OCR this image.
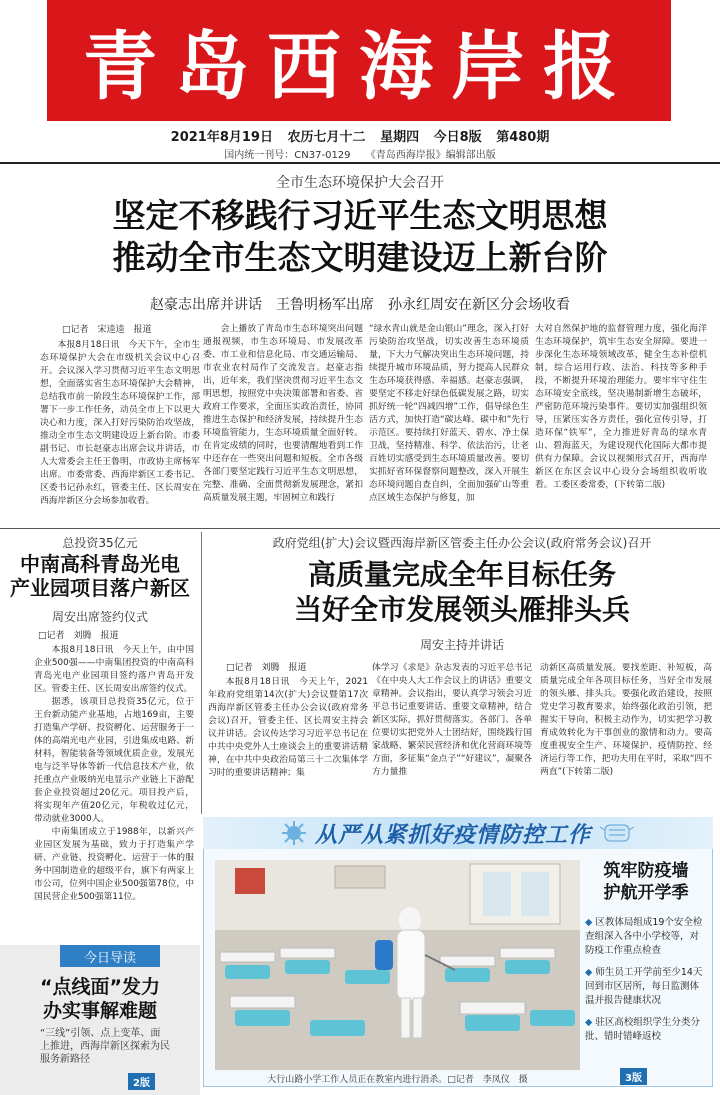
青岛西海岸报
2021年8月19日 农历七月十二 星期四 今日8版 第480期
国内统一刊号：CN37-0129 《青岛西海岸报》编辑部出版
全市生态环境保护大会召开
坚定不移践行习近平生态文明思想
推动全市生态文明建设迈上新台阶
赵豪志出席并讲话　王鲁明杨军出席　孙永红周安在新区分会场收看
□记者　宋逵逵　报道

本报8月18日讯　今天下午，全市生态环境保护大会在市级机关会议中心召开。会议深入学习贯彻习近平生态文明思想，全面落实省生态环境保护大会精神，总结我市前一阶段生态环境保护工作，部署下一步工作任务，动员全市上下以更大决心和力度，深入打好污染防治攻坚战，推动全市生态文明建设迈上新台阶。市委副书记、市长赵豪志出席会议并讲话，市人大常委会主任王鲁明，市政协主席杨军出席。市委常委、西海岸新区工委书记、区委书记孙永红，管委主任、区长周安在西海岸新区分会场参加收看。

会上播放了青岛市生态环境突出问题通报视频，市生态环境局、市发展改革委、市工业和信息化局、市交通运输局、市农业农村局作了交流发言。赵豪志指出，近年来，我们坚决贯彻习近平生态文明思想，按照党中央决策部署和省委、省政府工作要求，全面压实政治责任，协同推进生态保护和经济发展，持续提升生态环境监管能力，生态环境质量全面好转。在肯定成绩的同时，也要清醒地看到工作中还存在一些突出问题和短板。全市各级各部门要坚定践行习近平生态文明思想，完整、准确、全面贯彻新发展理念，紧扣高质量发展主题，牢固树立和践行

“绿水青山就是金山银山”理念，深入打好污染防治攻坚战，切实改善生态环境质量，下大力气解决突出生态环境问题，持续提升城市环境品质，努力提高人民群众生态环境获得感、幸福感。赵豪志强调，要坚定不移走好绿色低碳发展之路，切实抓好统一轮“四减四增”工作，倡导绿色生活方式，加快打造“碳达峰、碳中和”先行示范区。要持续打好蓝天、碧水、净土保卫战，坚持精准、科学、依法治污，让老百姓切实感受到生态环境质量改善。要切实抓好省环保督察问题整改，深入开展生态环境问题自查自纠，全面加强矿山等重点区域生态保护与修复，加

大对自然保护地的监督管理力度，强化海洋生态环境保护，筑牢生态安全屏障。要进一步深化生态环境领域改革，健全生态补偿机制，综合运用行政、法治、科技等多种手段，不断提升环境治理能力。要牢牢守住生态环境安全底线，坚决遏制新增生态破坏，严密防范环境污染事件。要切实加强组织领导，压紧压实各方责任，强化宣传引导，打造环保“铁军”，全力推进好青岛的绿水青山、碧海蓝天，为建设现代化国际大都市提供有力保障。会议以视频形式召开，西海岸新区在东区会议中心设分会场组织收听收看。工委区委常委，(下转第二版)

总投资35亿元
中南高科青岛光电
产业园项目落户新区
周安出席签约仪式
□记者　刘腾　报道

本报8月18日讯　今天上午，由中国企业500强——中南集团投资的中南高科青岛光电产业园项目签约落户青岛开发区。管委主任、区长周安出席签约仪式。

据悉，该项目总投资35亿元，位于王台新动能产业基地，占地169亩，主要打造集产学研、投资孵化、运营服务于一体的高端光电产业园，引进集成电路、新材料，智能装备等领域优质企业，发展光电与泛半导体等新一代信息技术产业，依托重点产业吸纳光电显示产业链上下游配套企业投资超过20亿元。项目投产后，将实现年产值20亿元，年税收过亿元，带动就业3000人。

中南集团成立于1988年，以新兴产业园区发展为基础，致力于打造集产学研、产业链、投资孵化、运营于一体的服务中国制造业的超级平台，旗下有两家上市公司，位列中国企业500强第78位，中国民营企业500强第11位。

政府党组(扩大)会议暨西海岸新区管委主任办公会议(政府常务会议)召开
高质量完成全年目标任务
当好全市发展领头雁排头兵
周安主持并讲话
□记者　刘腾　报道

本报8月18日讯　今天上午，2021年政府党组第14次(扩大)会议暨第17次西海岸新区管委主任办公会议(政府常务会议)召开，管委主任、区长周安主持会议并讲话。会议传达学习习近平总书记在中共中央党外人士座谈会上的重要讲话精神，在中共中央政治局第三十二次集体学习时的重要讲话精神；集

体学习《求是》杂志发表的习近平总书记《在中央人大工作会议上的讲话》重要文章精神。会议指出，要认真学习领会习近平总书记重要讲话、重要文章精神，结合新区实际，抓好贯彻落实。各部门、各单位要切实把党外人士团结好，围绕践行国家战略、繁荣民营经济和优化营商环境等方面，多征集“金点子”“好建议”，凝聚各方力量推

动新区高质量发展。要找差距、补短板，高质量完成全年各项目标任务，当好全市发展的领头雁、排头兵。要强化政治建设，按照党史学习教育要求，始终强化政治引领，把握实干导向，积极主动作为，切实把学习教育成效转化为干事创业的激情和动力。要高度重视安全生产、环境保护、疫情防控、经济运行等工作，把功夫用在平时，采取“四不两直”(下转第二版)

今日导读
“点线面”发力
办实事解难题
“三线”引领、点上变革、面上推进，西海岸新区探索为民服务新路径
2版
从严从紧抓好疫情防控工作
大行山路小学工作人员正在教室内进行消杀。□记者　李凤仪　摄
筑牢防疫墙
护航开学季
◆ 区教体局组成19个安全检查组深入各中小学校等，对防疫工作重点检查
◆ 师生员工开学前至少14天回到市区居所，每日监测体温并报告健康状况
◆ 驻区高校组织学生分类分批、错时错峰返校
3版
